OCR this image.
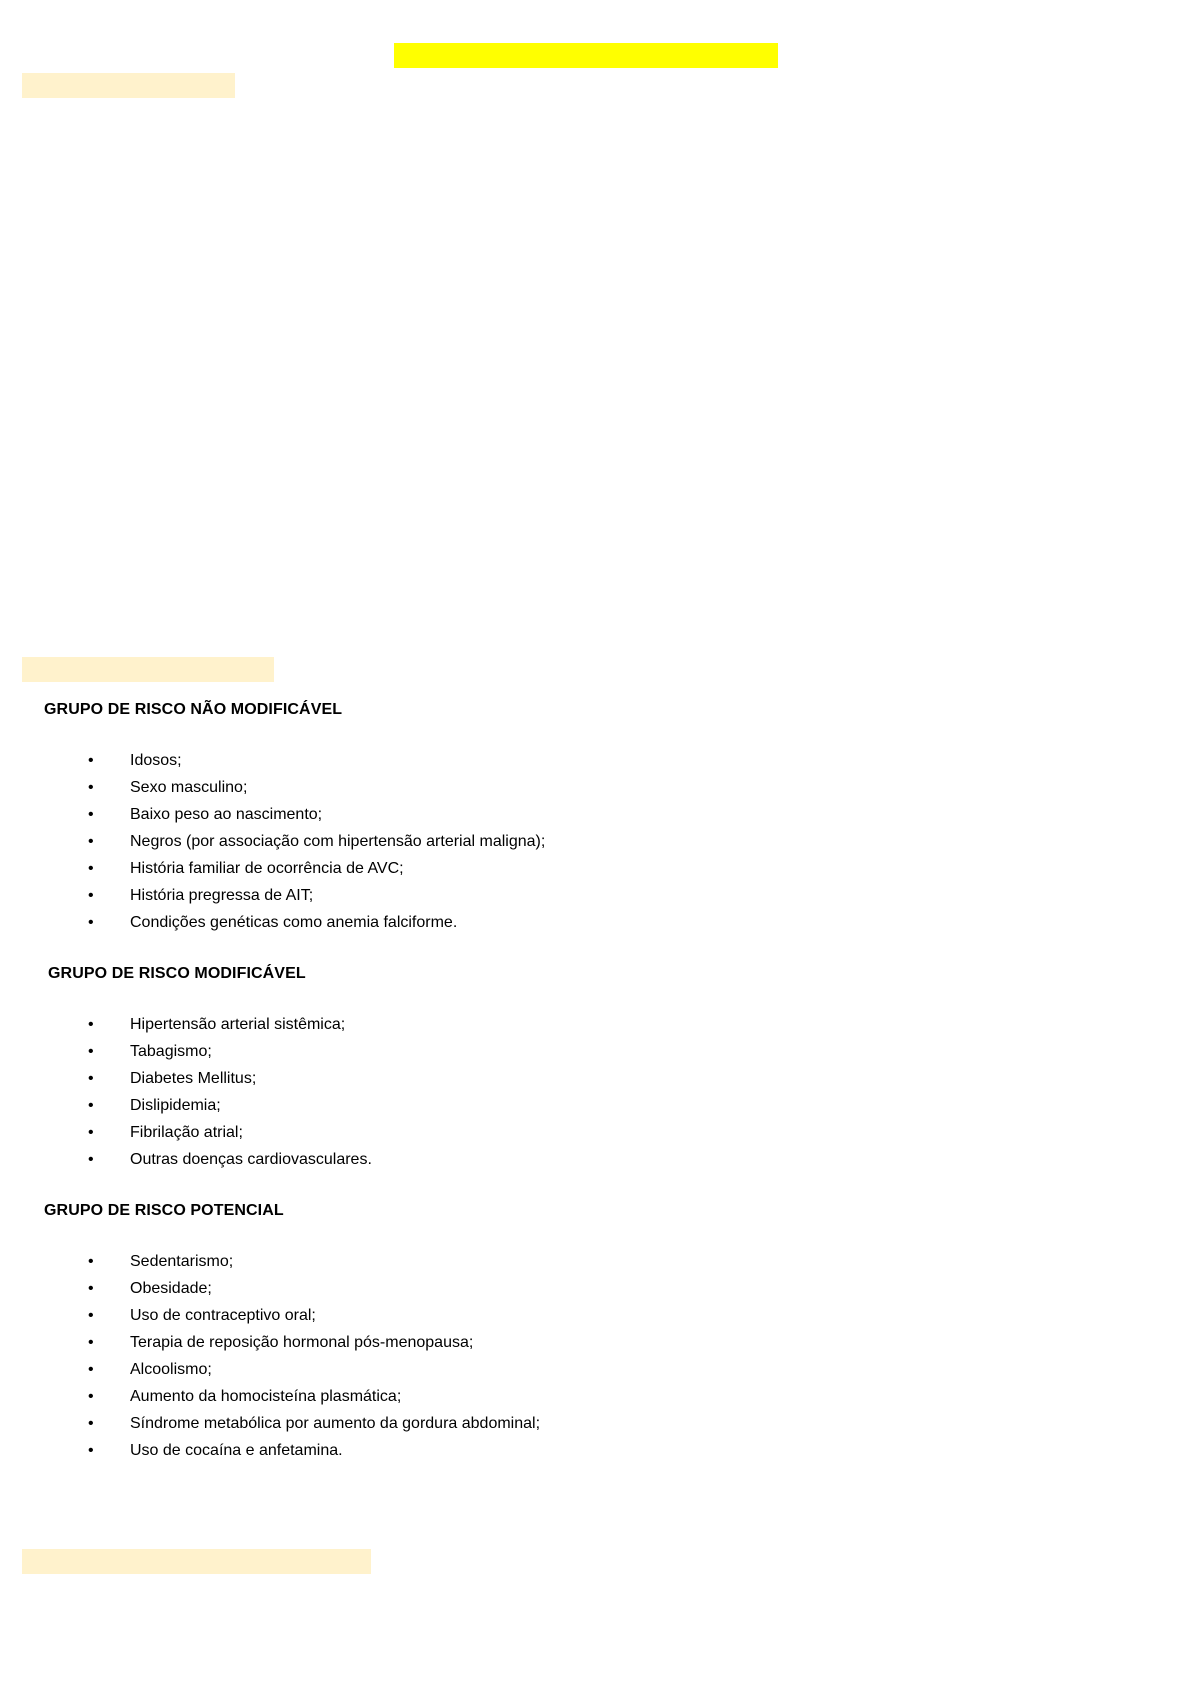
GRUPO DE RISCO NÃO MODIFICÁVEL
• Idosos;
• Sexo masculino;
• Baixo peso ao nascimento;
• Negros (por associação com hipertensão arterial maligna);
• História familiar de ocorrência de AVC;
• História pregressa de AIT;
• Condições genéticas como anemia falciforme.
GRUPO DE RISCO MODIFICÁVEL
• Hipertensão arterial sistêmica;
• Tabagismo;
• Diabetes Mellitus;
• Dislipidemia;
• Fibrilação atrial;
• Outras doenças cardiovasculares.
GRUPO DE RISCO POTENCIAL
• Sedentarismo;
• Obesidade;
• Uso de contraceptivo oral;
• Terapia de reposição hormonal pós-menopausa;
• Alcoolismo;
• Aumento da homocisteína plasmática;
• Síndrome metabólica por aumento da gordura abdominal;
• Uso de cocaína e anfetamina.
